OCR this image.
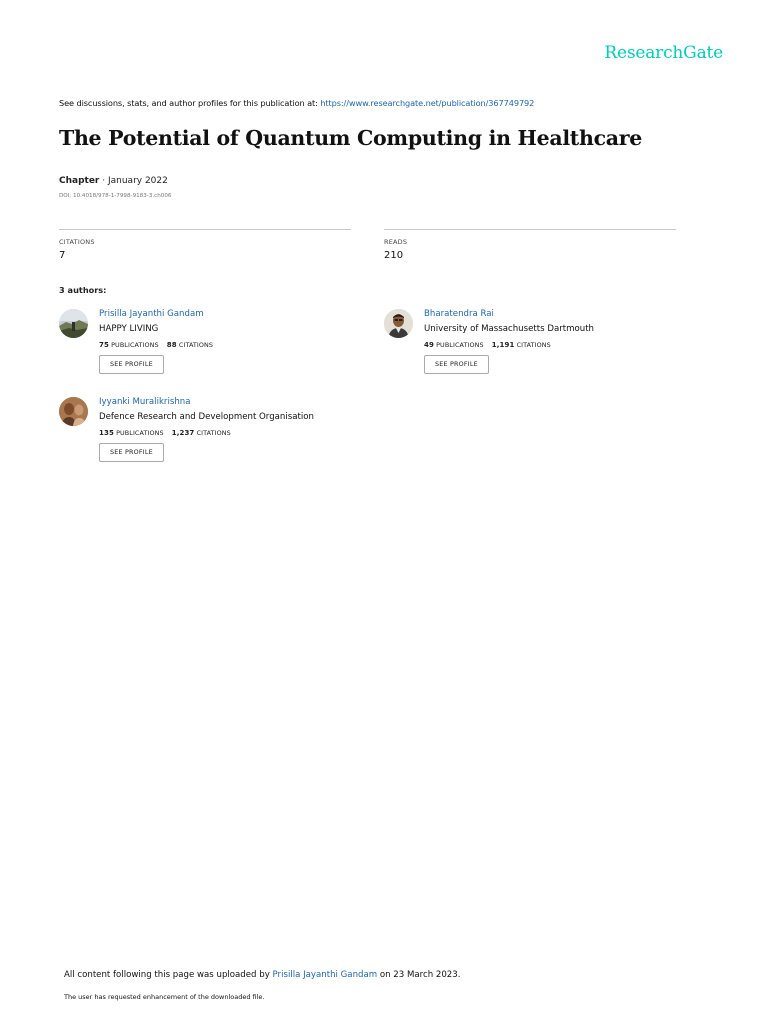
ResearchGate
See discussions, stats, and author profiles for this publication at: https://www.researchgate.net/publication/367749792
The Potential of Quantum Computing in Healthcare
Chapter · January 2022
DOI: 10.4018/978-1-7998-9183-3.ch006
CITATIONS
7
READS
210
3 authors:
Prisilla Jayanthi Gandam
HAPPY LIVING
75 PUBLICATIONS 88 CITATIONS
SEE PROFILE
Bharatendra Rai
University of Massachusetts Dartmouth
49 PUBLICATIONS 1,191 CITATIONS
SEE PROFILE
Iyyanki Muralikrishna
Defence Research and Development Organisation
135 PUBLICATIONS 1,237 CITATIONS
SEE PROFILE
All content following this page was uploaded by Prisilla Jayanthi Gandam on 23 March 2023.
The user has requested enhancement of the downloaded file.
